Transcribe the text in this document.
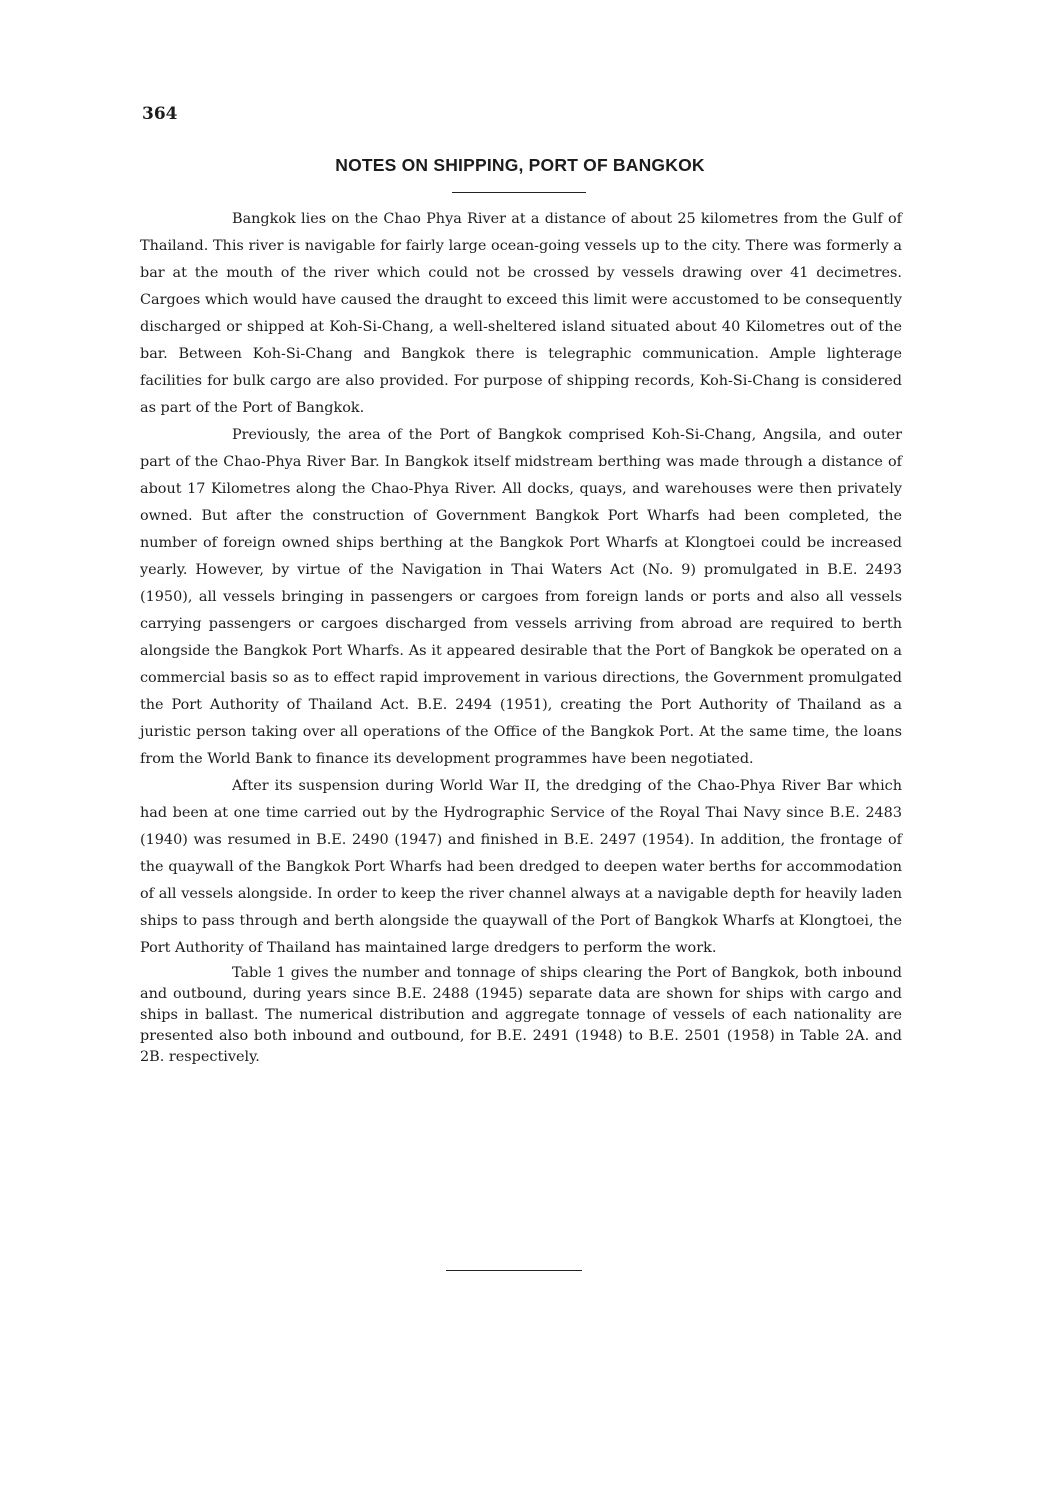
364
NOTES ON SHIPPING, PORT OF BANGKOK

Bangkok lies on the Chao Phya River at a distance of about 25 kilometres from the Gulf of Thailand. This river is navigable for fairly large ocean-going vessels up to the city. There was formerly a bar at the mouth of the river which could not be crossed by vessels drawing over 41 decimetres. Cargoes which would have caused the draught to exceed this limit were accustomed to be consequently discharged or shipped at Koh-Si-Chang, a well-sheltered island situated about 40 Kilometres out of the bar. Between Koh-Si-Chang and Bangkok there is telegraphic communication. Ample lighterage facilities for bulk cargo are also provided. For purpose of shipping records, Koh-Si-Chang is considered as part of the Port of Bangkok.

Previously, the area of the Port of Bangkok comprised Koh-Si-Chang, Angsila, and outer part of the Chao-Phya River Bar. In Bangkok itself midstream berthing was made through a distance of about 17 Kilometres along the Chao-Phya River. All docks, quays, and warehouses were then privately owned. But after the construction of Government Bangkok Port Wharfs had been completed, the number of foreign owned ships berthing at the Bangkok Port Wharfs at Klongtoei could be increased yearly. However, by virtue of the Navigation in Thai Waters Act (No. 9) promulgated in B.E. 2493 (1950), all vessels bringing in passengers or cargoes from foreign lands or ports and also all vessels carrying passengers or cargoes discharged from vessels arriving from abroad are required to berth alongside the Bangkok Port Wharfs. As it appeared desirable that the Port of Bangkok be operated on a commercial basis so as to effect rapid improvement in various directions, the Government promulgated the Port Authority of Thailand Act. B.E. 2494 (1951), creating the Port Authority of Thailand as a juristic person taking over all operations of the Office of the Bangkok Port. At the same time, the loans from the World Bank to finance its development programmes have been negotiated.

After its suspension during World War II, the dredging of the Chao-Phya River Bar which had been at one time carried out by the Hydrographic Service of the Royal Thai Navy since B.E. 2483 (1940) was resumed in B.E. 2490 (1947) and finished in B.E. 2497 (1954). In addition, the frontage of the quaywall of the Bangkok Port Wharfs had been dredged to deepen water berths for accommodation of all vessels alongside. In order to keep the river channel always at a navigable depth for heavily laden ships to pass through and berth alongside the quaywall of the Port of Bangkok Wharfs at Klongtoei, the Port Authority of Thailand has maintained large dredgers to perform the work.

Table 1 gives the number and tonnage of ships clearing the Port of Bangkok, both inbound and outbound, during years since B.E. 2488 (1945) separate data are shown for ships with cargo and ships in ballast. The numerical distribution and aggregate tonnage of vessels of each nationality are presented also both inbound and outbound, for B.E. 2491 (1948) to B.E. 2501 (1958) in Table 2A. and 2B. respectively.
